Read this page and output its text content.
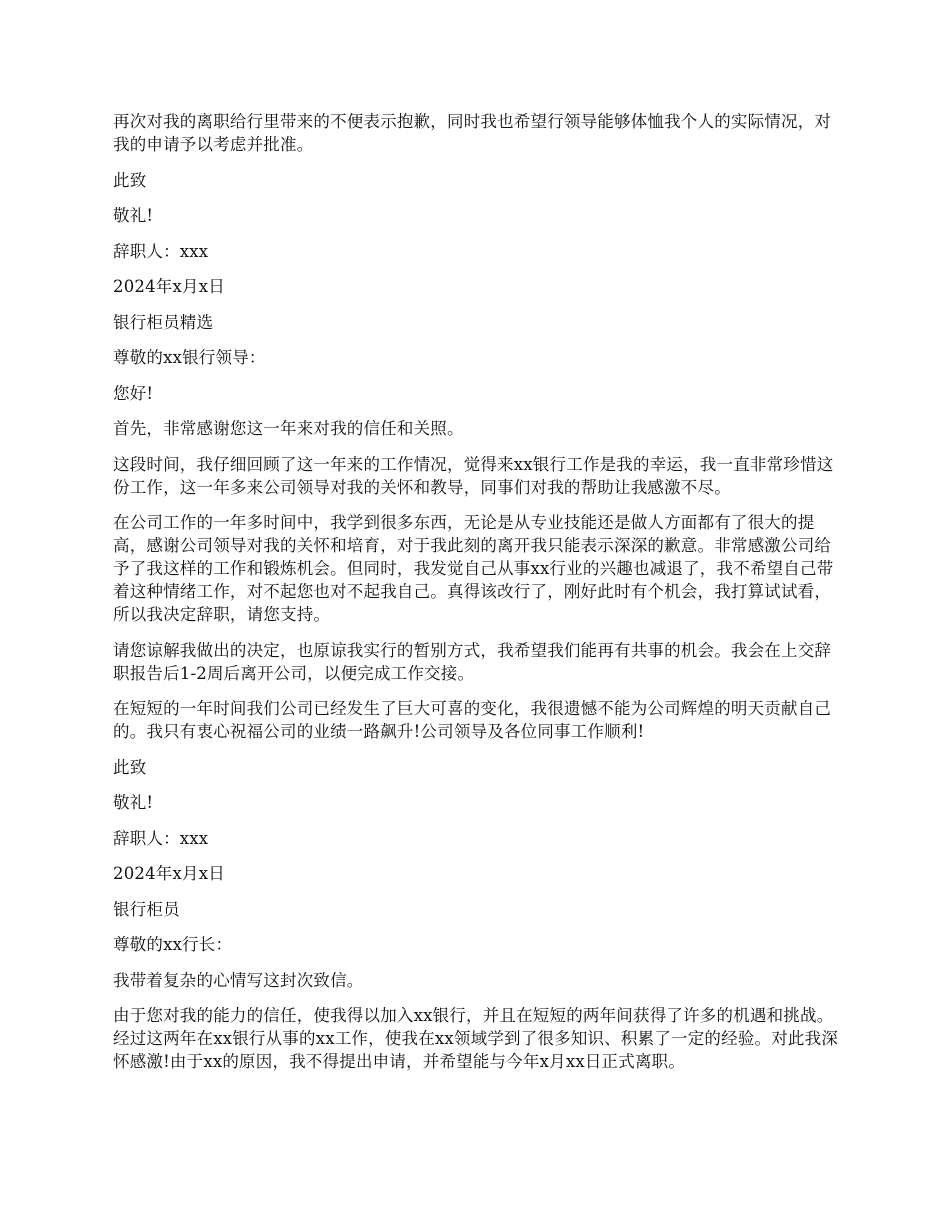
再次对我的离职给行里带来的不便表示抱歉，同时我也希望行领导能够体恤我个人的实际情况，对我的申请予以考虑并批准。

此致

敬礼!

辞职人：xxx

2024年x月x日

银行柜员精选

尊敬的xx银行领导：

您好!

首先，非常感谢您这一年来对我的信任和关照。

这段时间，我仔细回顾了这一年来的工作情况，觉得来xx银行工作是我的幸运，我一直非常珍惜这份工作，这一年多来公司领导对我的关怀和教导，同事们对我的帮助让我感激不尽。

在公司工作的一年多时间中，我学到很多东西，无论是从专业技能还是做人方面都有了很大的提高，感谢公司领导对我的关怀和培育，对于我此刻的离开我只能表示深深的歉意。非常感激公司给予了我这样的工作和锻炼机会。但同时，我发觉自己从事xx行业的兴趣也减退了，我不希望自己带着这种情绪工作，对不起您也对不起我自己。真得该改行了，刚好此时有个机会，我打算试试看，所以我决定辞职，请您支持。

请您谅解我做出的决定，也原谅我实行的暂别方式，我希望我们能再有共事的机会。我会在上交辞职报告后1-2周后离开公司，以便完成工作交接。

在短短的一年时间我们公司已经发生了巨大可喜的变化，我很遗憾不能为公司辉煌的明天贡献自己的。我只有衷心祝福公司的业绩一路飙升!公司领导及各位同事工作顺利!

此致

敬礼!

辞职人：xxx

2024年x月x日

银行柜员

尊敬的xx行长：

我带着复杂的心情写这封次致信。

由于您对我的能力的信任，使我得以加入xx银行，并且在短短的两年间获得了许多的机遇和挑战。经过这两年在xx银行从事的xx工作，使我在xx领域学到了很多知识、积累了一定的经验。对此我深怀感激!由于xx的原因，我不得提出申请，并希望能与今年x月xx日正式离职。
